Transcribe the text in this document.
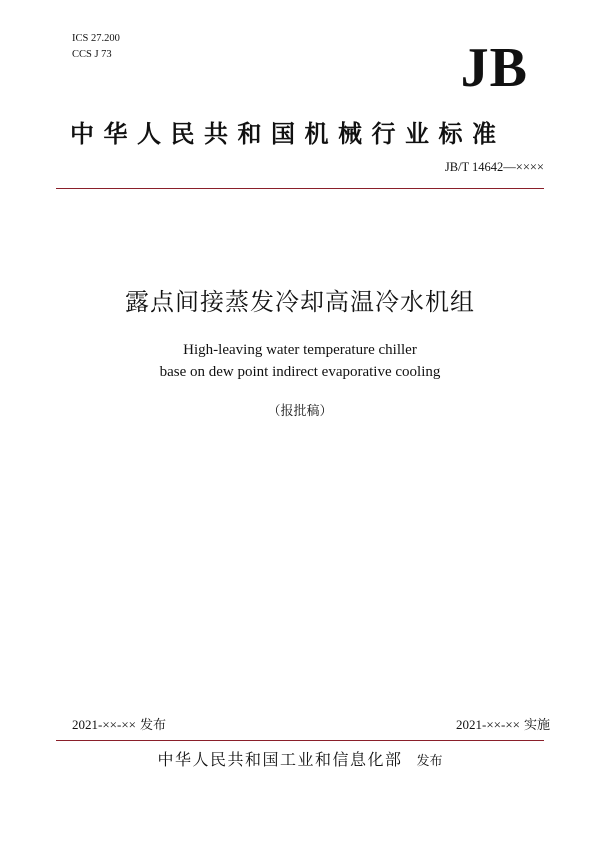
ICS 27.200
CCS J 73	JB
中华人民共和国机械行业标准
JB/T 14642—××××
露点间接蒸发冷却高温冷水机组
High-leaving water temperature chiller
base on dew point indirect evaporative cooling
（报批稿）
2021-××-×× 发布	2021-××-×× 实施
中华人民共和国工业和信息化部 发布
